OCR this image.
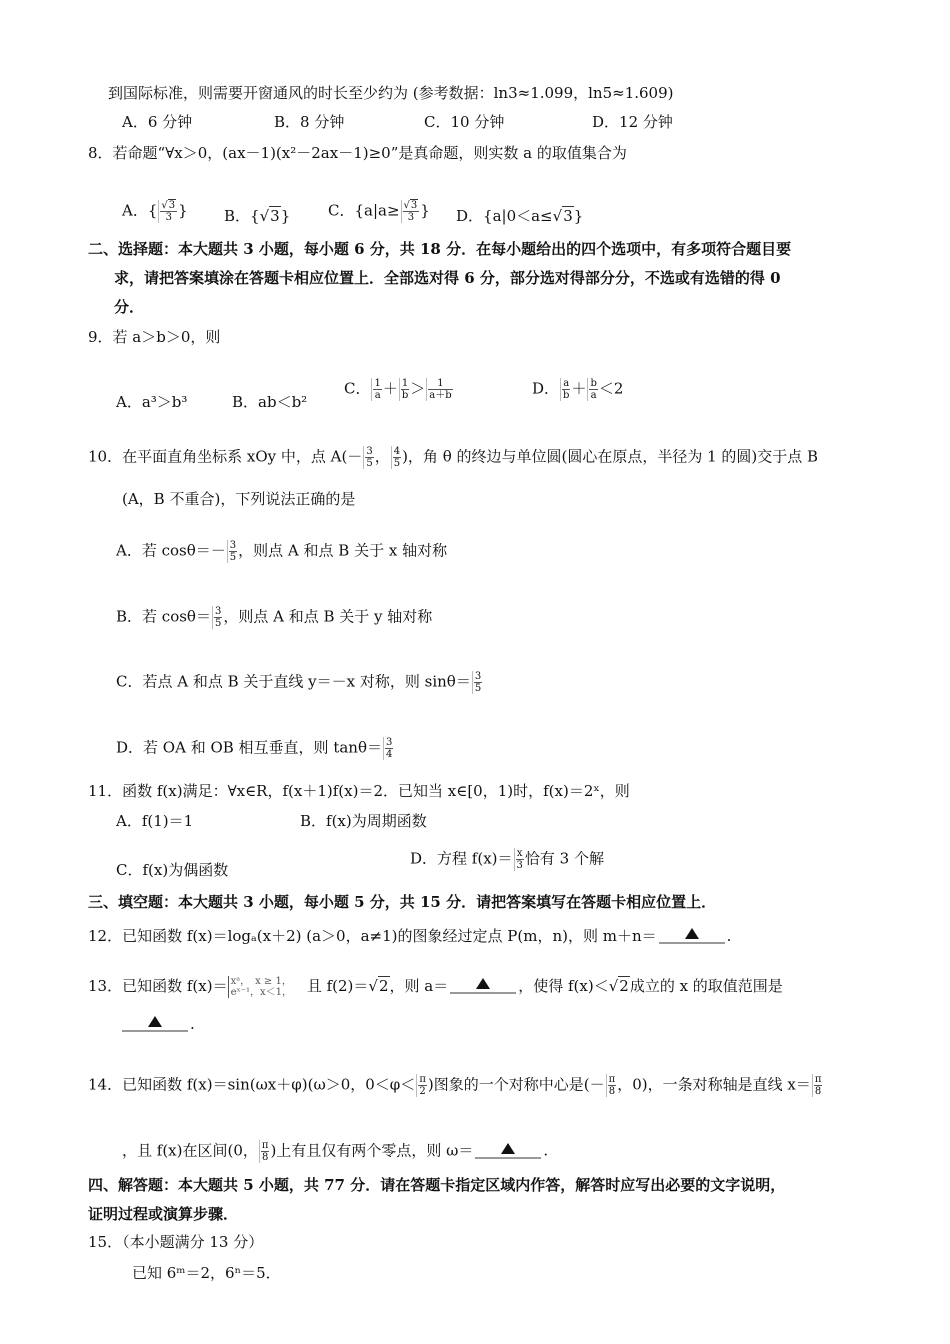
到国际标准，则需要开窗通风的时长至少约为 (参考数据：ln3≈1.099，ln5≈1.609)
A．6 分钟	B．8 分钟	C．10 分钟	D．12 分钟
8．若命题“∀x＞0，(ax－1)(x²－2ax－1)≥0”是真命题，则实数 a 的取值集合为
A．{ $\frac{√3}{3}$ } B．{√3}	C．{$a|a\ge \frac{√3}{3}$ } D．{a|0＜a≤√3}
二、选择题：本大题共 3 小题，每小题 6 分，共 18 分．在每小题给出的四个选项中，有多项符合题目要
求，请把答案填涂在答题卡相应位置上．全部选对得 6 分，部分选对得部分分，不选或有选错的得 0
分．
9．若 a＞b＞0，则
A．a³＞b³	B．ab＜b²
C． $\frac{1}{a} + \frac{1}{b} > \frac{1}{a+b}$	D． $\frac{a}{b} + \frac{b}{a} <2$
10．在平面直角坐标系 xOy 中，点 $A(- \frac{3}{5}$ ， $\frac{4}{5}$ )，角 θ 的终边与单位圆(圆心在原点，半径为 1 的圆)交于点 B
(A，B 不重合)，下列说法正确的是
A．若 $\cos\theta=- \frac{3}{5}$ ，则点 A 和点 B 关于 x 轴对称
B．若 $\cos\theta= \frac{3}{5}$ ，则点 A 和点 B 关于 y 轴对称
C．若点 A 和点 B 关于直线 y＝－x 对称，则 $\sin\theta= \frac{3}{5}$
D．若 OA 和 OB 相互垂直，则 $\tan\theta= \frac{3}{4}$
11．函数 f(x)满足：∀x∈R，f(x＋1)f(x)＝2．已知当 x∈[0，1)时，f(x)＝2ˣ，则
A．f(1)＝1	B．f(x)为周期函数
C．f(x)为偶函数
D．方程 $f(x)= \frac{x}{3}$ 恰有 3 个解
三、填空题：本大题共 3 小题，每小题 5 分，共 15 分．请把答案填写在答题卡相应位置上．
12．已知函数 f(x)＝logₐ(x＋2) (a＞0，a≠1)的图象经过定点 P(m，n)，则 m＋n＝	.
13．已知函数 f(x)＝ xᵃ，　x ≥ 1，
eˣ⁻¹，x＜1， 且 f(2)＝√2，则 a＝	，使得 f(x)＜√2成立的 x 的取值范围是
.
14．已知函数 f(x)＝sin(ωx＋φ)(ω＞0，$0<\varphi< \frac{\pi}{2}$ )图象的一个对称中心是(－ $\frac{\pi}{8}$ ，0)，一条对称轴是直线 $x= \frac{\pi}{8}$
，且 f(x)在区间(0， $\frac{\pi}{8}$ )上有且仅有两个零点，则 ω＝	.
四、解答题：本大题共 5 小题，共 77 分．请在答题卡指定区域内作答，解答时应写出必要的文字说明，
证明过程或演算步骤．
15．（本小题满分 13 分）
已知 6ᵐ＝2，6ⁿ＝5．
